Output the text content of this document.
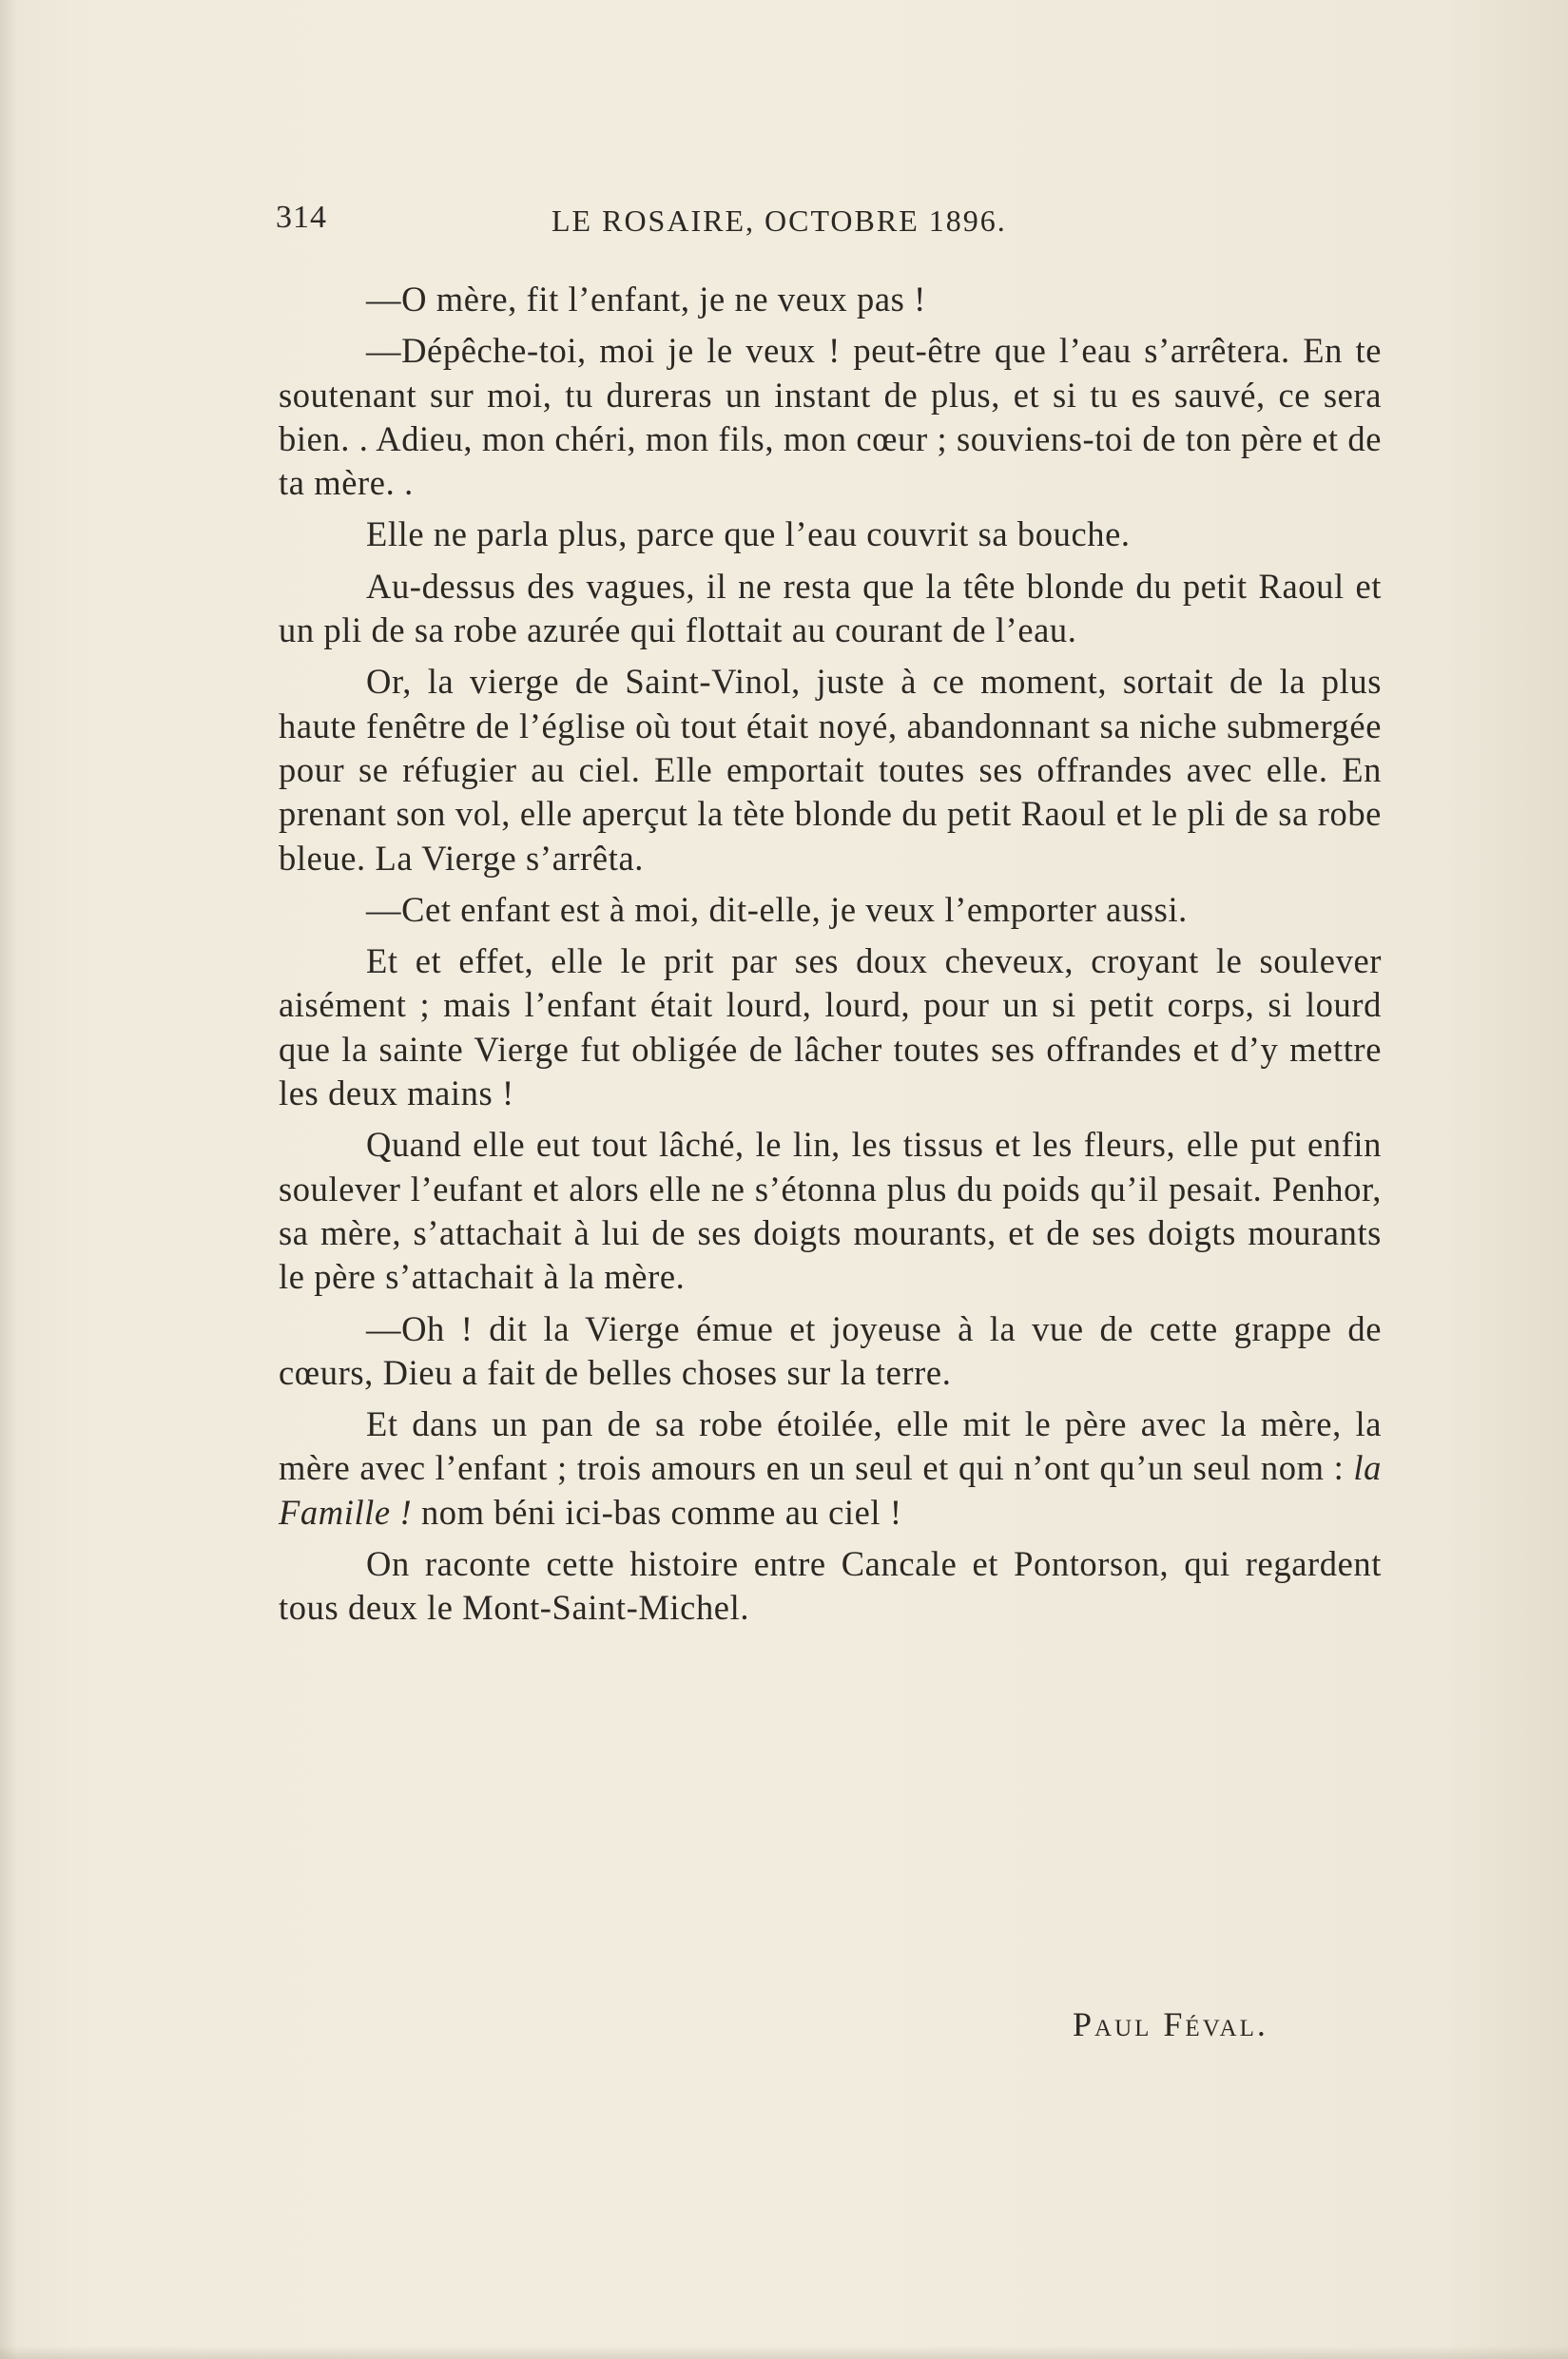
314	LE ROSAIRE, OCTOBRE 1896.

—O mère, fit l’enfant, je ne veux pas !

—Dépêche-toi, moi je le veux ! peut-être que l’eau s’arrêtera. En te soutenant sur moi, tu dureras un instant de plus, et si tu es sauvé, ce sera bien. . Adieu, mon chéri, mon fils, mon cœur ; souviens-toi de ton père et de ta mère. .

Elle ne parla plus, parce que l’eau couvrit sa bouche.

Au-dessus des vagues, il ne resta que la tête blonde du petit Raoul et un pli de sa robe azurée qui flottait au courant de l’eau.

Or, la vierge de Saint-Vinol, juste à ce moment, sortait de la plus haute fenêtre de l’église où tout était noyé, abandonnant sa niche submergée pour se réfugier au ciel. Elle emportait toutes ses offrandes avec elle. En prenant son vol, elle aperçut la tète blonde du petit Raoul et le pli de sa robe bleue. La Vierge s’arrêta.

—Cet enfant est à moi, dit-elle, je veux l’emporter aussi.

Et et effet, elle le prit par ses doux cheveux, croyant le soulever aisément ; mais l’enfant était lourd, lourd, pour un si petit corps, si lourd que la sainte Vierge fut obligée de lâcher toutes ses offrandes et d’y mettre les deux mains !

Quand elle eut tout lâché, le lin, les tissus et les fleurs, elle put enfin soulever l’eufant et alors elle ne s’étonna plus du poids qu’il pesait. Penhor, sa mère, s’attachait à lui de ses doigts mourants, et de ses doigts mourants le père s’attachait à la mère.

—Oh ! dit la Vierge émue et joyeuse à la vue de cette grappe de cœurs, Dieu a fait de belles choses sur la terre.

Et dans un pan de sa robe étoilée, elle mit le père avec la mère, la mère avec l’enfant ; trois amours en un seul et qui n’ont qu’un seul nom : la Famille ! nom béni ici-bas comme au ciel !

On raconte cette histoire entre Cancale et Pontorson, qui regardent tous deux le Mont-Saint-Michel.

Paul Féval.
